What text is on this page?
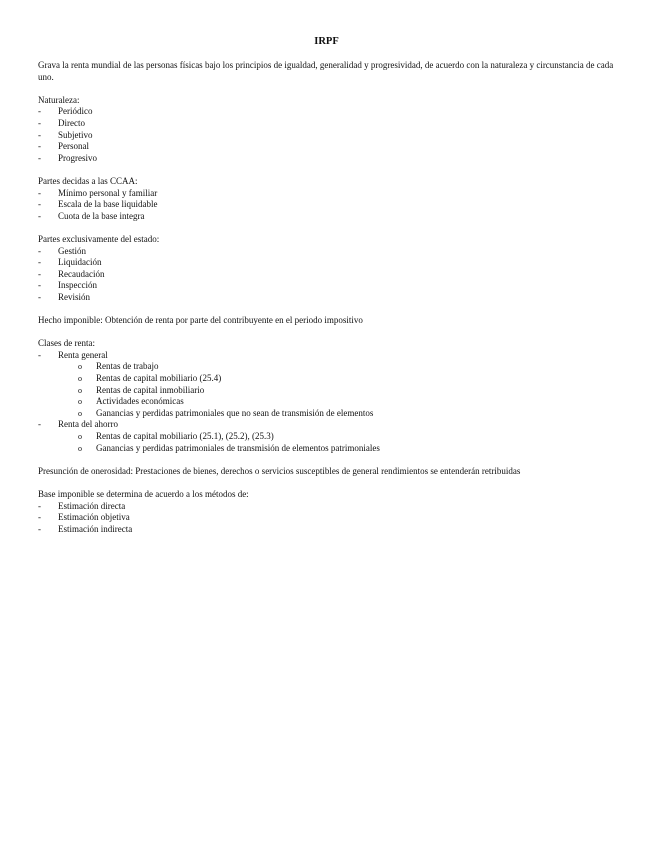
IRPF

Grava la renta mundial de las personas físicas bajo los principios de igualdad, generalidad y progresividad, de acuerdo con la naturaleza y circunstancia de cada uno.

Naturaleza:

-	Periódico
-	Directo
-	Subjetivo
-	Personal
-	Progresivo

Partes decidas a las CCAA:

-	Mínimo personal y familiar
-	Escala de la base liquidable
-	Cuota de la base integra

Partes exclusivamente del estado:

-	Gestión
-	Liquidación
-	Recaudación
-	Inspección
-	Revisión

Hecho imponible: Obtención de renta por parte del contribuyente en el periodo impositivo

Clases de renta:

-	Renta general
o Rentas de trabajo
o Rentas de capital mobiliario (25.4)
o Rentas de capital inmobiliario
o Actividades económicas
o Ganancias y perdidas patrimoniales que no sean de transmisión de elementos
-	Renta del ahorro
o Rentas de capital mobiliario (25.1), (25.2), (25.3)
o Ganancias y perdidas patrimoniales de transmisión de elementos patrimoniales

Presunción de onerosidad: Prestaciones de bienes, derechos o servicios susceptibles de general rendimientos se entenderán retribuidas

Base imponible se determina de acuerdo a los métodos de:

-	Estimación directa
-	Estimación objetiva
-	Estimación indirecta
